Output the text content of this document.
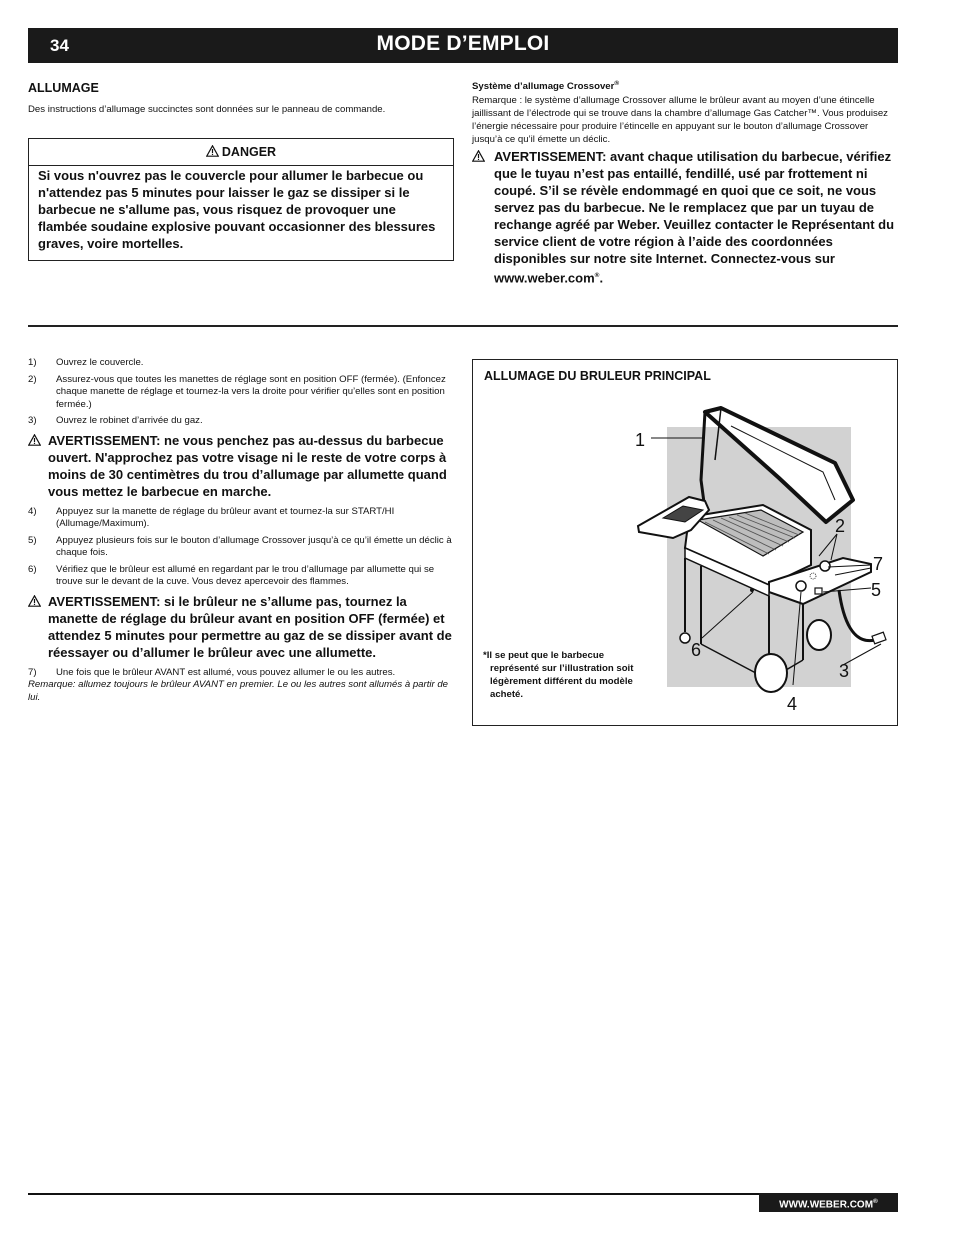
34	MODE D’EMPLOI
ALLUMAGE
Des instructions d’allumage succinctes sont données sur le panneau de commande.
DANGER
Si vous n'ouvrez pas le couvercle pour allumer le barbecue ou n'attendez pas 5 minutes pour laisser le gaz se dissiper si le barbecue ne s'allume pas, vous risquez de provoquer une flambée soudaine explosive pouvant occasionner des blessures graves, voire mortelles.
Système d’allumage Crossover®
Remarque : le système d’allumage Crossover allume le brûleur avant au moyen d’une étincelle jaillissant de l’électrode qui se trouve dans la chambre d’allumage Gas Catcher™. Vous produisez l’énergie nécessaire pour produire l’étincelle en appuyant sur le bouton d’allumage Crossover jusqu’à ce qu’il émette un déclic.
AVERTISSEMENT: avant chaque utilisation du barbecue, vérifiez que le tuyau n’est pas entaillé, fendillé, usé par frottement ni coupé. S’il se révèle endommagé en quoi que ce soit, ne vous servez pas du barbecue. Ne le remplacez que par un tuyau de rechange agréé par Weber. Veuillez contacter le Représentant du service client de votre région à l’aide des coordonnées disponibles sur notre site Internet. Connectez-vous sur www.weber.com®.
1) Ouvrez le couvercle.
2) Assurez-vous que toutes les manettes de réglage sont en position OFF (fermée). (Enfoncez chaque manette de réglage et tournez-la vers la droite pour vérifier qu’elles sont en position fermée.)
3) Ouvrez le robinet d’arrivée du gaz.
AVERTISSEMENT: ne vous penchez pas au-dessus du barbecue ouvert. N'approchez pas votre visage ni le reste de votre corps à moins de 30 centimètres du trou d’allumage par allumette quand vous mettez le barbecue en marche.
4) Appuyez sur la manette de réglage du brûleur avant et tournez-la sur START/HI (Allumage/Maximum).
5) Appuyez plusieurs fois sur le bouton d’allumage Crossover jusqu’à ce qu’il émette un déclic à chaque fois.
6) Vérifiez que le brûleur est allumé en regardant par le trou d’allumage par allumette qui se trouve sur le devant de la cuve. Vous devez apercevoir des flammes.
AVERTISSEMENT: si le brûleur ne s’allume pas, tournez la manette de réglage du brûleur avant en position OFF (fermée) et attendez 5 minutes pour permettre au gaz de se dissiper avant de réessayer ou d’allumer le brûleur avec une allumette.
7) Une fois que le brûleur AVANT est allumé, vous pouvez allumer le ou les autres.
Remarque: allumez toujours le brûleur AVANT en premier. Le ou les autres sont allumés à partir de lui.
ALLUMAGE DU BRULEUR PRINCIPAL
1
2
7
5
6
3
4
*Il se peut que le barbecue
représenté sur l’illustration soit
légèrement différent du modèle
acheté.
WWW.WEBER.COM®
